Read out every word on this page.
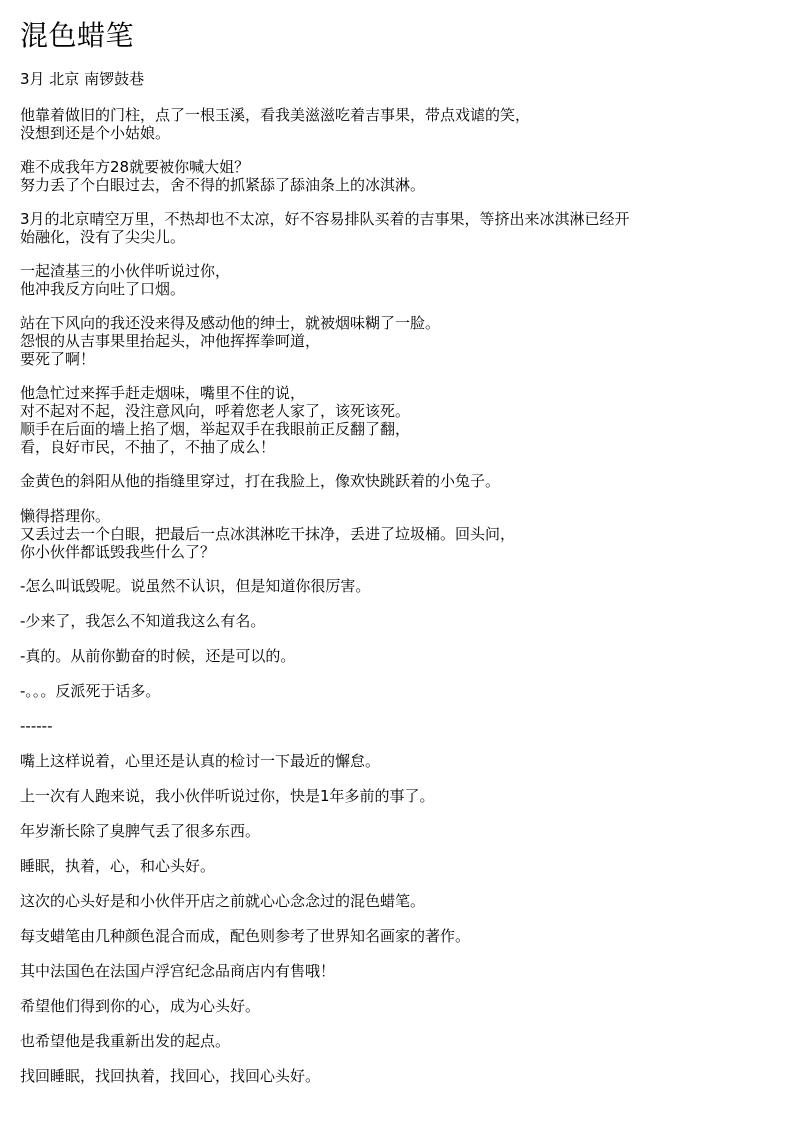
混色蜡笔

3月 北京 南锣鼓巷

他靠着做旧的门柱，点了一根玉溪，看我美滋滋吃着吉事果，带点戏谑的笑，
没想到还是个小姑娘。
难不成我年方28就要被你喊大姐？
努力丢了个白眼过去，舍不得的抓紧舔了舔油条上的冰淇淋。
3月的北京晴空万里，不热却也不太凉，好不容易排队买着的吉事果，等挤出来冰淇淋已经开
始融化，没有了尖尖儿。
一起渣基三的小伙伴听说过你，
他冲我反方向吐了口烟。
站在下风向的我还没来得及感动他的绅士，就被烟味糊了一脸。
怨恨的从吉事果里抬起头，冲他挥挥拳呵道，
要死了啊！
他急忙过来挥手赶走烟味，嘴里不住的说，
对不起对不起，没注意风向，呼着您老人家了，该死该死。
顺手在后面的墙上掐了烟，举起双手在我眼前正反翻了翻，
看，良好市民，不抽了，不抽了成么！
金黄色的斜阳从他的指缝里穿过，打在我脸上，像欢快跳跃着的小兔子。
懒得搭理你。
又丢过去一个白眼，把最后一点冰淇淋吃干抹净，丢进了垃圾桶。回头问，
你小伙伴都诋毁我些什么了？
-怎么叫诋毁呢。说虽然不认识，但是知道你很厉害。
-少来了，我怎么不知道我这么有名。
-真的。从前你勤奋的时候，还是可以的。
-。。。反派死于话多。
------
嘴上这样说着，心里还是认真的检讨一下最近的懈怠。
上一次有人跑来说，我小伙伴听说过你，快是1年多前的事了。
年岁渐长除了臭脾气丢了很多东西。
睡眠，执着，心，和心头好。
这次的心头好是和小伙伴开店之前就心心念念过的混色蜡笔。
每支蜡笔由几种颜色混合而成，配色则参考了世界知名画家的著作。
其中法国色在法国卢浮宫纪念品商店内有售哦！
希望他们得到你的心，成为心头好。
也希望他是我重新出发的起点。
找回睡眠，找回执着，找回心，找回心头好。
